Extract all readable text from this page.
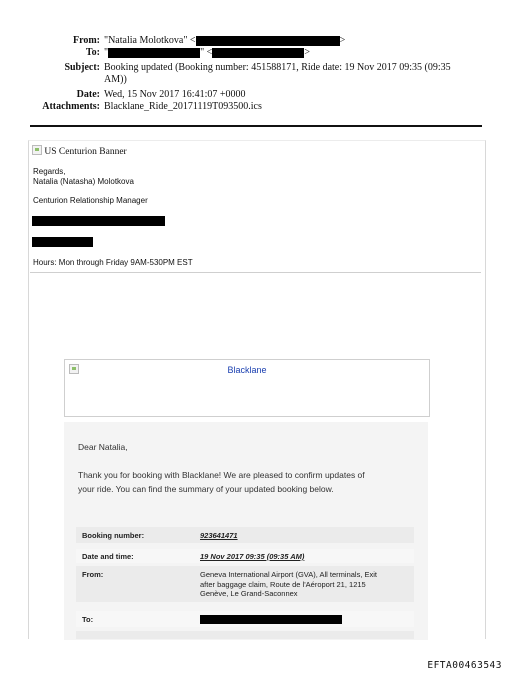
From: "Natalia Molotkova" <	>
To: "	" <	>
Subject: Booking updated (Booking number: 451588171, Ride date: 19 Nov 2017 09:35 (09:35
AM))
Date: Wed, 15 Nov 2017 16:41:07 +0000
Attachments: Blacklane_Ride_20171119T093500.ics
US Centurion Banner
Regards,
Natalia (Natasha) Molotkova
Centurion Relationship Manager
Hours: Mon through Friday 9AM-530PM EST
Blacklane
Dear Natalia,
Thank you for booking with Blacklane! We are pleased to confirm updates of
your ride. You can find the summary of your updated booking below.
Booking number:	923641471
Date and time:	19 Nov 2017 09:35 (09:35 AM)
From:	Geneva International Airport (GVA), All terminals, Exit
after baggage claim, Route de l'Aéroport 21, 1215
Genève, Le Grand-Saconnex
To:
EFTA00463543
